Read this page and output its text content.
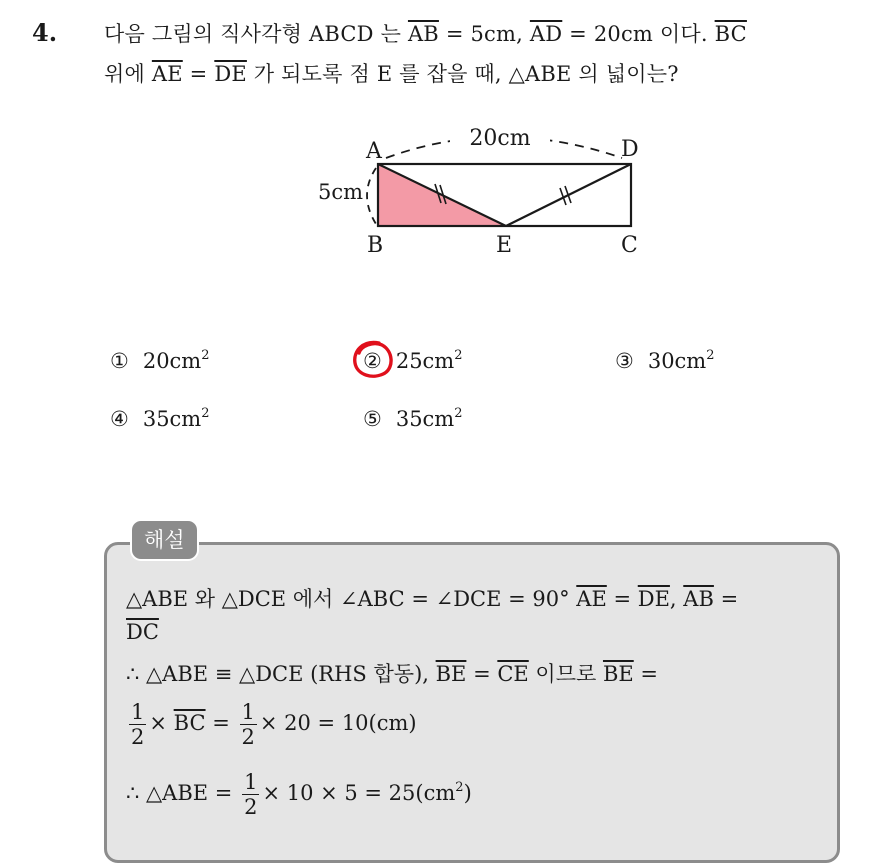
4. 다음 그림의 직사각형 ABCD 는 $\overline{AB} = 5cm$, $\overline{AD} = 20cm$ 이다. $\overline{BC}$
위에 $\overline{AE} = \overline{DE}$ 가 되도록 점 E 를 잡을 때, △ABE 의 넓이는?
20cm
5cm
A
B	E	C
D
① $20cm^2$	② $25cm^2$	③ $30cm^2$
④ $35cm^2$	⑤ $35cm^2$
해설
△ABE 와 △DCE 에서 ∠ABC = ∠DCE = 90° $\overline{AE} = \overline{DE}$, $\overline{AB}$ =
$\overline{DC}$
∴ △ABE ≡ △DCE (RHS 합동), $\overline{BE} = \overline{CE}$ 이므로 $\overline{BE}$ =
$\frac{1}{2} \times \overline{BC} = \frac{1}{2} \times 20 = 10(cm)$
∴ △ABE = $\frac{1}{2} \times 10 \times 5 = 25(cm^2)$
